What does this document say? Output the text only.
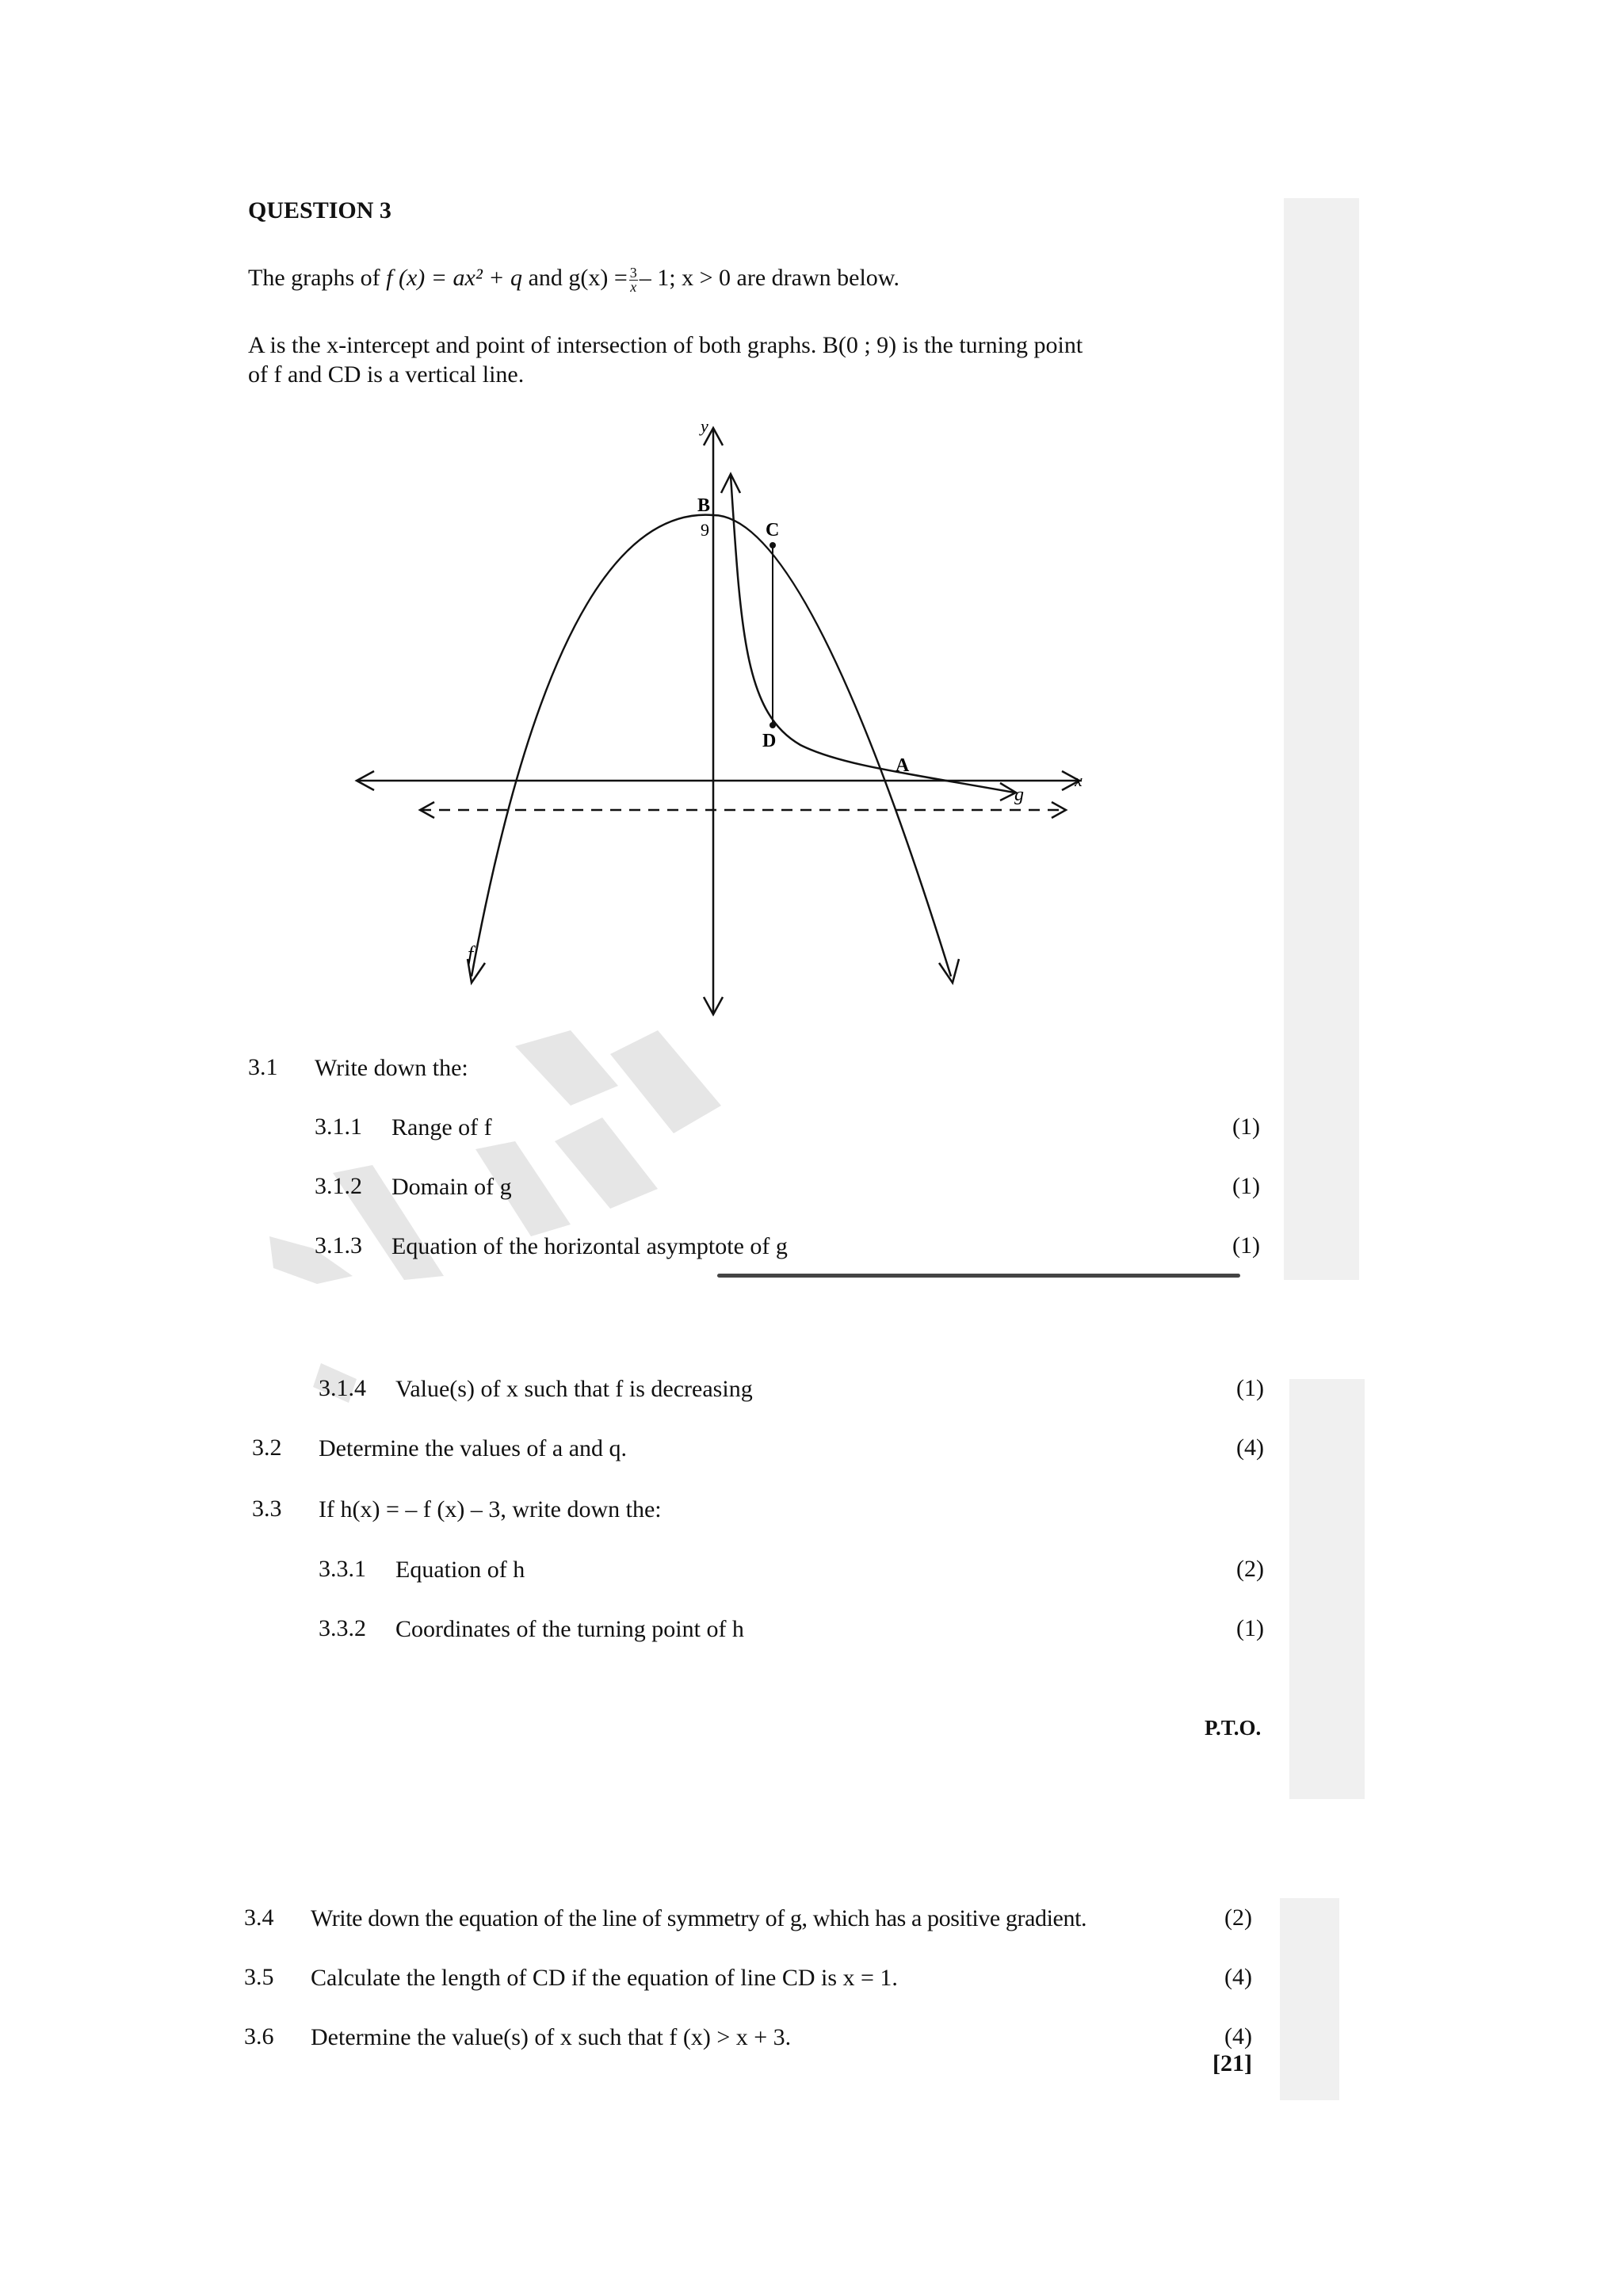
QUESTION 3
The graphs of f (x) = ax² + q and $g(x) = \frac{3}{x} - 1$; x > 0 are drawn below.
A is the x-intercept and point of intersection of both graphs. B(0 ; 9) is the turning point
of f and CD is a vertical line.
y
x
B
9	C
D
A
f
g
3.1 Write down the:
3.1.1 Range of f	(1)
3.1.2 Domain of g	(1)
3.1.3 Equation of the horizontal asymptote of g	(1)
3.1.4 Value(s) of x such that f is decreasing	(1)
3.2 Determine the values of a and q.	(4)
3.3 If h(x) = – f (x) – 3, write down the:
3.3.1 Equation of h	(2)
3.3.2 Coordinates of the turning point of h	(1)
P.T.O.
3.4 Write down the equation of the line of symmetry of g, which has a positive gradient.	(2)
3.5 Calculate the length of CD if the equation of line CD is x = 1.	(4)
3.6 Determine the value(s) of x such that f (x) > x + 3.	(4)
[21]
